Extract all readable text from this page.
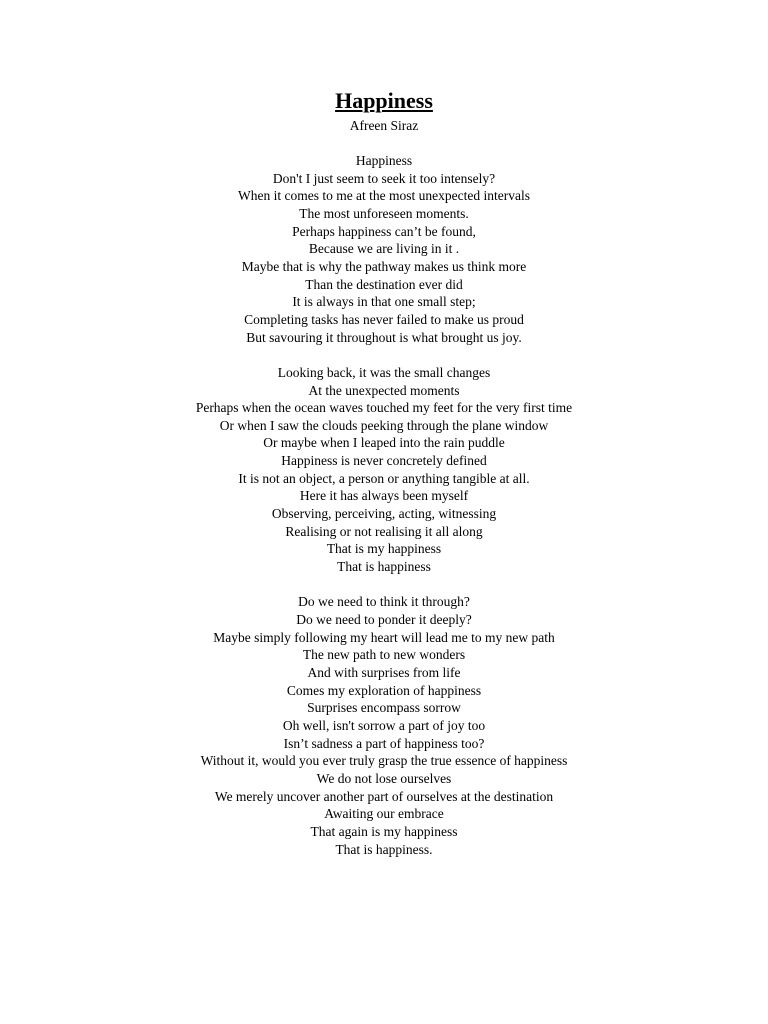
Happiness
Afreen Siraz
Happiness
Don't I just seem to seek it too intensely?
When it comes to me at the most unexpected intervals
The most unforeseen moments.
Perhaps happiness can’t be found,
Because we are living in it .
Maybe that is why the pathway makes us think more
Than the destination ever did
It is always in that one small step;
Completing tasks has never failed to make us proud
But savouring it throughout is what brought us joy.
Looking back, it was the small changes
At the unexpected moments
Perhaps when the ocean waves touched my feet for the very first time
Or when I saw the clouds peeking through the plane window
Or maybe when I leaped into the rain puddle
Happiness is never concretely defined
It is not an object, a person or anything tangible at all.
Here it has always been myself
Observing, perceiving, acting, witnessing
Realising or not realising it all along
That is my happiness
That is happiness
Do we need to think it through?
Do we need to ponder it deeply?
Maybe simply following my heart will lead me to my new path
The new path to new wonders
And with surprises from life
Comes my exploration of happiness
Surprises encompass sorrow
Oh well, isn't sorrow a part of joy too
Isn’t sadness a part of happiness too?
Without it, would you ever truly grasp the true essence of happiness
We do not lose ourselves
We merely uncover another part of ourselves at the destination
Awaiting our embrace
That again is my happiness
That is happiness.
